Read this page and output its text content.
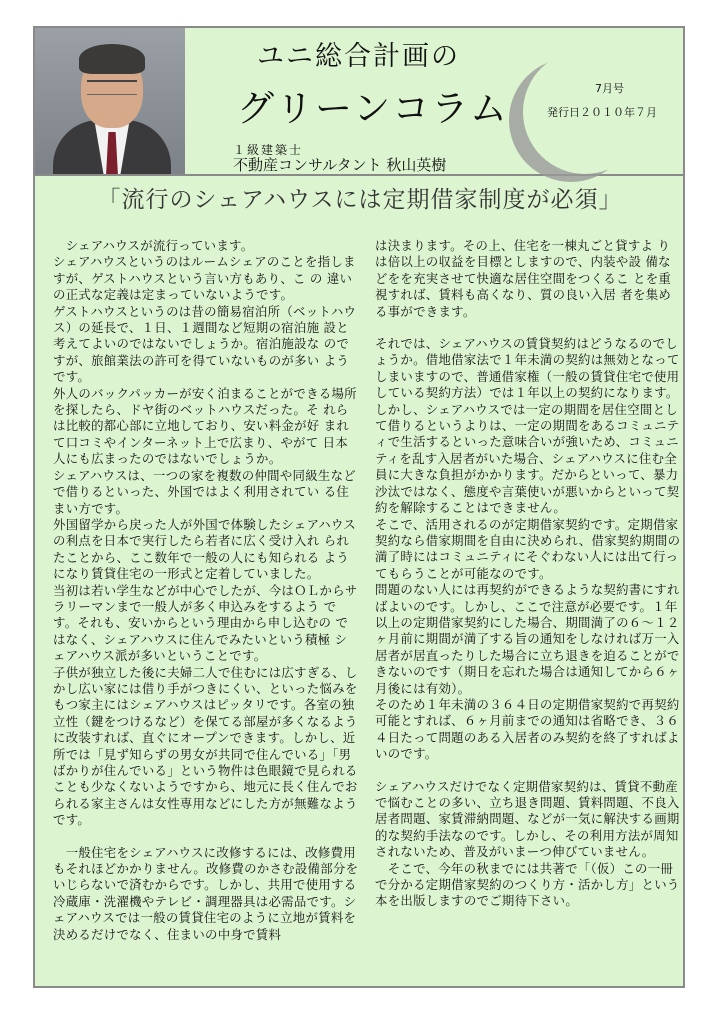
ユニ総合計画の
グリーンコラム
１級建築士
不動産コンサルタント 秋山英樹
7月号
発行日２０１０年７月
「流行のシェアハウスには定期借家制度が必須」

　シェアハウスが流行っています。
シェアハウスというのはルームシェアのことを指しますが、ゲストハウスという言い方もあり、こ の 違いの正式な定義は定まっていないようです。
ゲストハウスというのは昔の簡易宿泊所（ベットハウス）の延長で、１日、１週間など短期の宿泊施 設と考えてよいのではないでしょうか。宿泊施設な のですが、旅館業法の許可を得ていないものが多い ようです。
外人のバックパッカーが安く泊まることができる場所を探したら、ドヤ街のベットハウスだった。そ れらは比較的都心部に立地しており、安い料金が好 まれて口コミやインターネット上で広まり、やがて 日本人にも広まったのではないでしょうか。
シェアハウスは、一つの家を複数の仲間や同級生などで借りるといった、外国ではよく利用されてい る住まい方です。
外国留学から戻った人が外国で体験したシェアハウスの利点を日本で実行したら若者に広く受け入れ られたことから、ここ数年で一般の人にも知られる ようになり賃貸住宅の一形式と定着していました。
当初は若い学生などが中心でしたが、今はＯＬからサラリーマンまで一般人が多く申込みをするよう です。それも、安いからという理由から申し込むの ではなく、シェアハウスに住んでみたいという積極 シェアハウス派が多いということです。
子供が独立した後に夫婦二人で住むには広すぎる、しかし広い家には借り手がつきにくい、といった悩みをもつ家主にはシェアハウスはピッタリです。各室の独立性（鍵をつけるなど）を保てる部屋が多くなるように改装すれば、直ぐにオープンできます。しかし、近所では「見ず知らずの男女が共同で住んでいる」「男ばかりが住んでいる」という物件は色眼鏡で見られることも少なくないようですから、地元に長く住んでおられる家主さんは女性専用などにした方が無難なようです。

　一般住宅をシェアハウスに改修するには、改修費用もそれほどかかりません。改修費のかさむ設備部分をいじらないで済むからです。しかし、共用で使用する冷蔵庫・洗濯機やテレビ・調理器具は必需品です。シェアハウスでは一般の賃貸住宅のように立地が賃料を決めるだけでなく、住まいの中身で賃料

は決まります。その上、住宅を一棟丸ごと貸すよ りは倍以上の収益を目標としますので、内装や設 備などをを充実させて快適な居住空間をつくるこ とを重視すれば、賃料も高くなり、質の良い入居 者を集める事ができます。

それでは、シェアハウスの賃貸契約はどうなるのでしょうか。借地借家法で１年未満の契約は無効となってしまいますので、普通借家権（一般の賃貸住宅で使用している契約方法）では１年以上の契約になります。しかし、シェアハウスでは一定の期間を居住空間として借りるというよりは、一定の期間をあるコミュニティで生活するといった意味合いが強いため、コミュニティを乱す入居者がいた場合、シェアハウスに住む全員に大きな負担がかかります。だからといって、暴力沙汰ではなく、態度や言葉使いが悪いからといって契約を解除することはできません。
そこで、活用されるのが定期借家契約です。定期借家契約なら借家期間を自由に決められ、借家契約期間の満了時にはコミュニティにそぐわない人には出て行ってもらうことが可能なのです。
問題のない人には再契約ができるような契約書にすればよいのです。しかし、ここで注意が必要です。１年以上の定期借家契約にした場合、期間満了の６～１２ヶ月前に期間が満了する旨の通知をしなければ万一入居者が居直ったりした場合に立ち退きを迫ることができないのです（期日を忘れた場合は通知してから６ヶ月後には有効）。
そのため１年未満の３６４日の定期借家契約で再契約可能とすれば、６ヶ月前までの通知は省略でき、３６４日たって問題のある入居者のみ契約を終了すればよいのです。

シェアハウスだけでなく定期借家契約は、賃貸不動産で悩むことの多い、立ち退き問題、賃料問題、不良入居者問題、家賃滞納問題、などが一気に解決する画期的な契約手法なのです。しかし、その利用方法が周知されないため、普及がいまーつ伸びていません。
　そこで、今年の秋までには共著で「（仮）この一冊で分かる定期借家契約のつくり方・活かし方」という本を出版しますのでご期待下さい。
